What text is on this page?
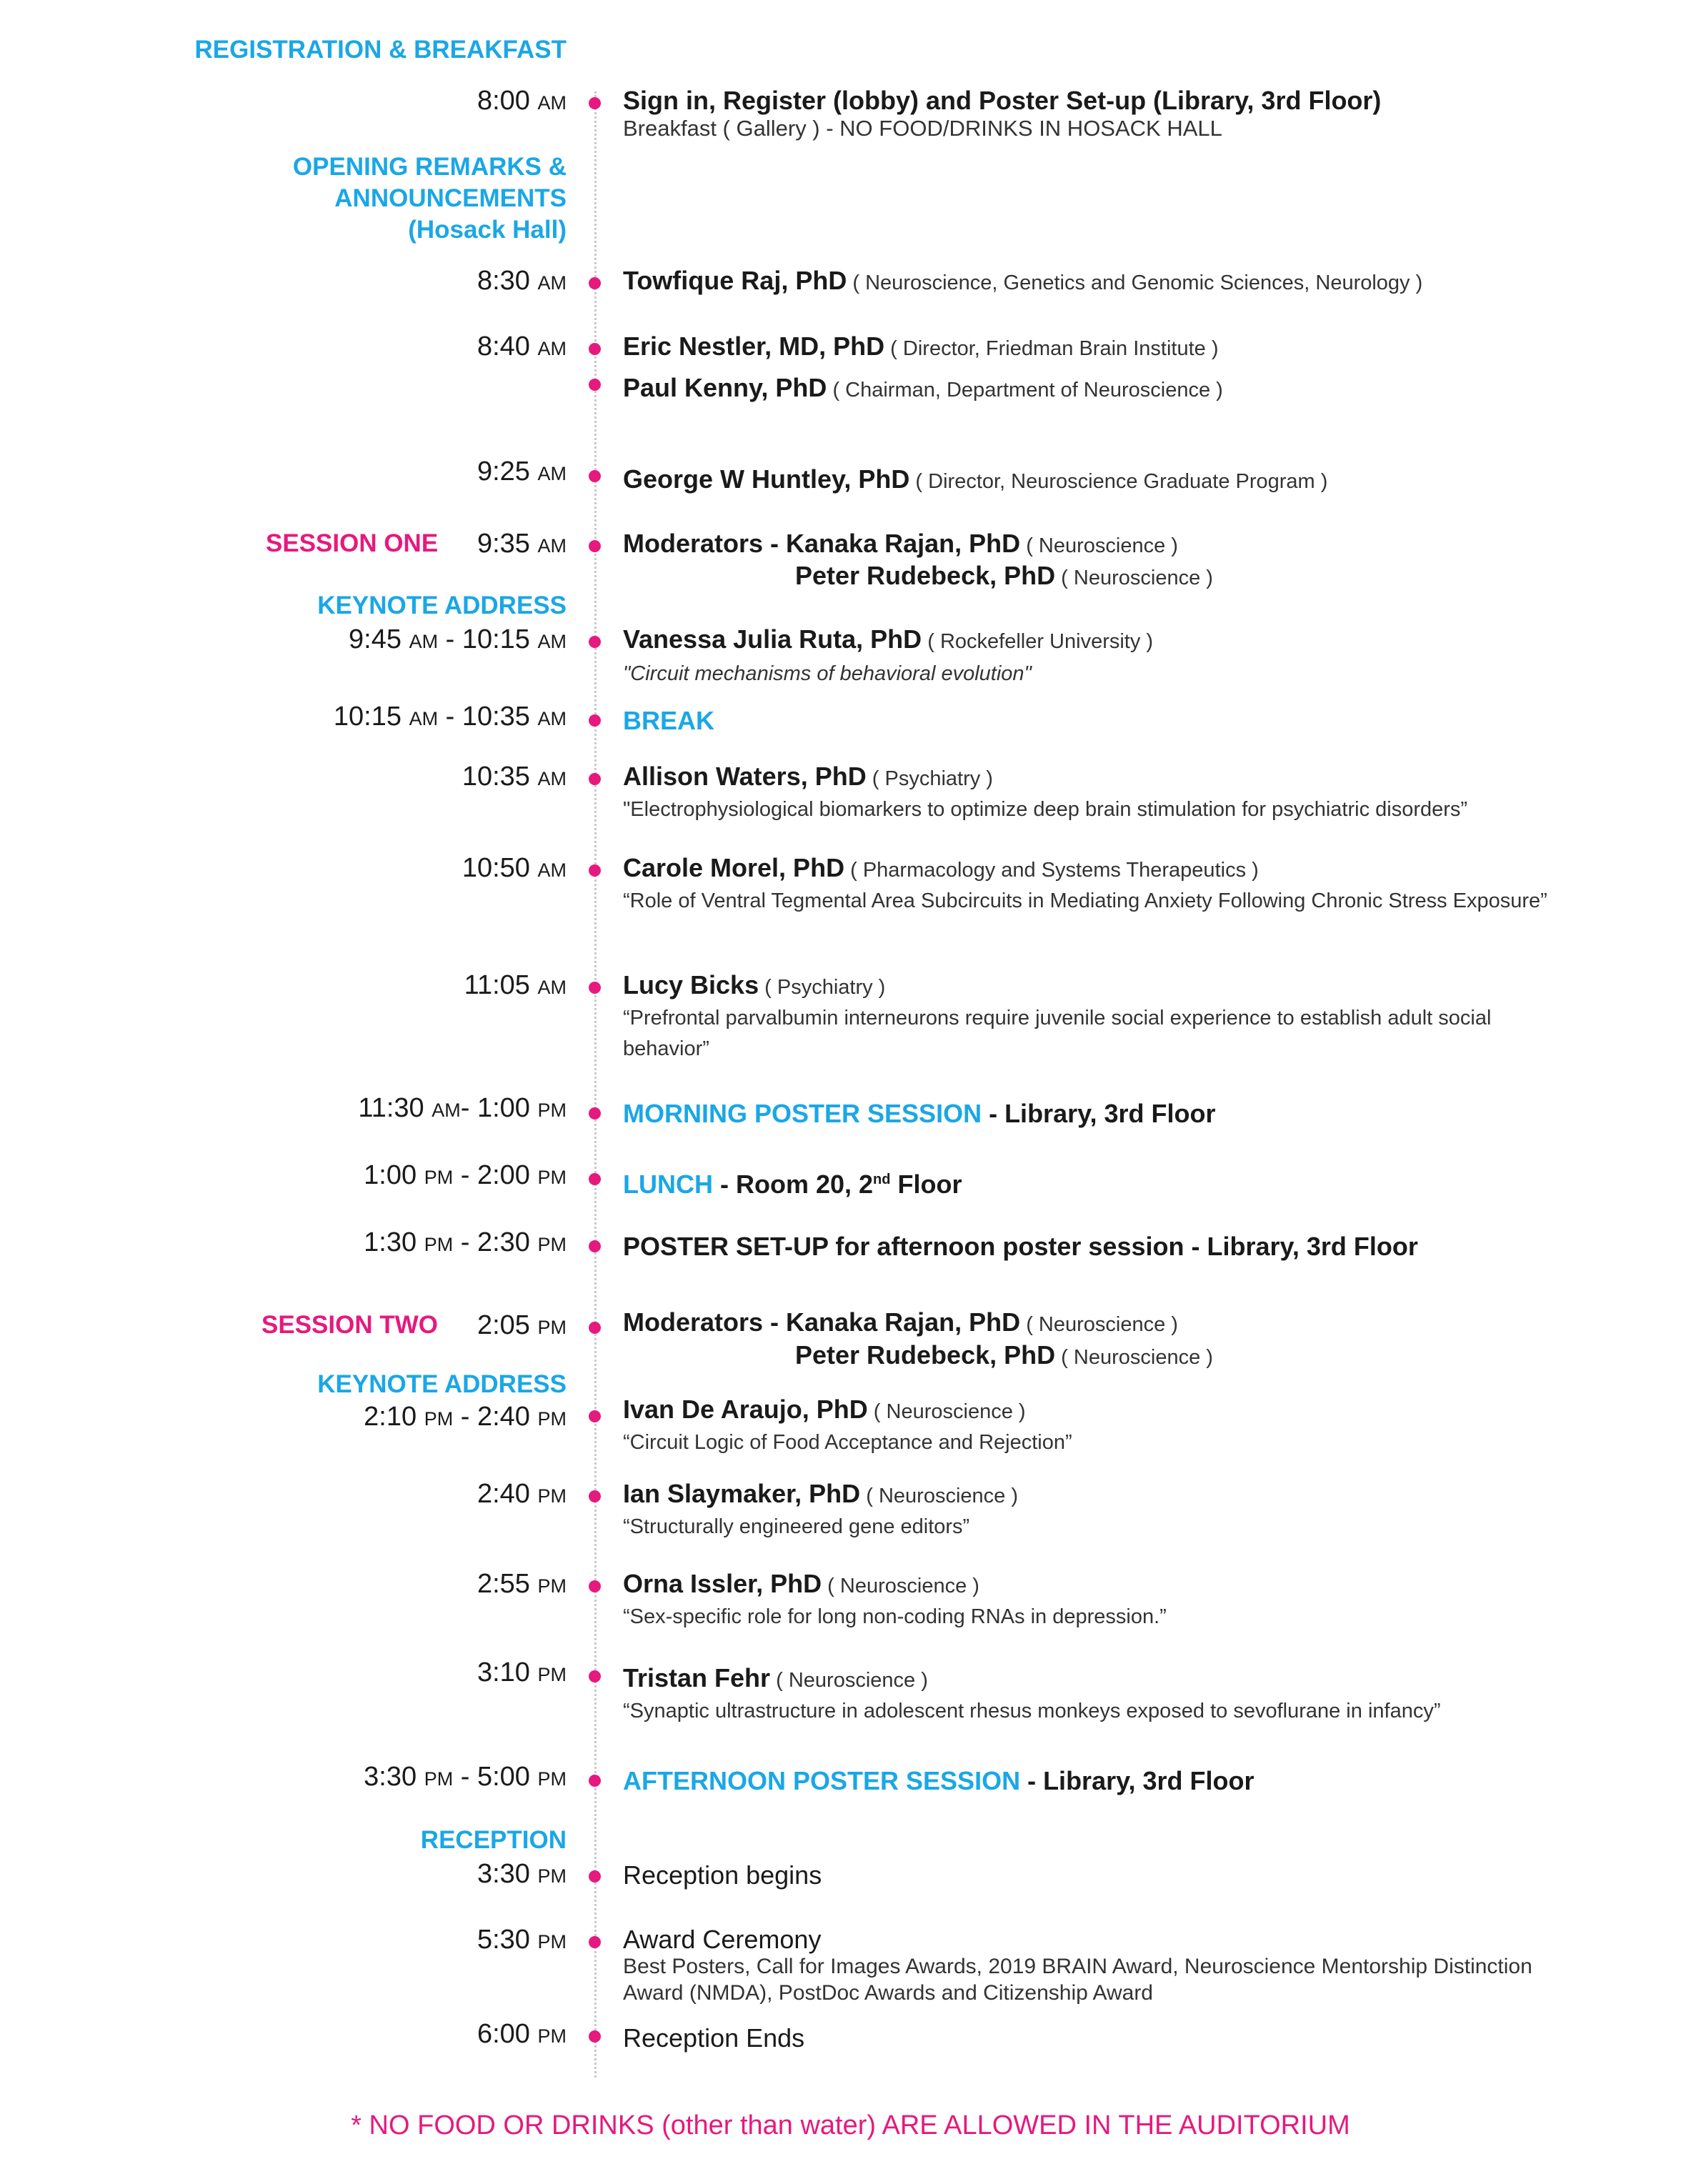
REGISTRATION & BREAKFAST
8:00 AM Sign in, Register (lobby) and Poster Set-up (Library, 3rd Floor)
Breakfast ( Gallery ) - NO FOOD/DRINKS IN HOSACK HALL
OPENING REMARKS &
ANNOUNCEMENTS
(Hosack Hall)
8:30 AM Towfique Raj, PhD ( Neuroscience, Genetics and Genomic Sciences, Neurology )
8:40 AM Eric Nestler, MD, PhD ( Director, Friedman Brain Institute )
Paul Kenny, PhD ( Chairman, Department of Neuroscience )
9:25 AM George W Huntley, PhD ( Director, Neuroscience Graduate Program )
SESSION ONE 9:35 AM Moderators - Kanaka Rajan, PhD ( Neuroscience )
Peter Rudebeck, PhD ( Neuroscience )
KEYNOTE ADDRESS
9:45 AM - 10:15 AM Vanessa Julia Ruta, PhD ( Rockefeller University )
"Circuit mechanisms of behavioral evolution"
10:15 AM - 10:35 AM BREAK
10:35 AM Allison Waters, PhD ( Psychiatry )
"Electrophysiological biomarkers to optimize deep brain stimulation for psychiatric disorders”
10:50 AM Carole Morel, PhD ( Pharmacology and Systems Therapeutics )
“Role of Ventral Tegmental Area Subcircuits in Mediating Anxiety Following Chronic Stress Exposure”
11:05 AM Lucy Bicks ( Psychiatry )
“Prefrontal parvalbumin interneurons require juvenile social experience to establish adult social behavior”
11:30 AM- 1:00 PM MORNING POSTER SESSION - Library, 3rd Floor
1:00 PM - 2:00 PM LUNCH - Room 20, 2nd Floor
1:30 PM - 2:30 PM POSTER SET-UP for afternoon poster session - Library, 3rd Floor
SESSION TWO 2:05 PM Moderators - Kanaka Rajan, PhD ( Neuroscience )
Peter Rudebeck, PhD ( Neuroscience )
KEYNOTE ADDRESS
2:10 PM - 2:40 PM Ivan De Araujo, PhD ( Neuroscience )
“Circuit Logic of Food Acceptance and Rejection”
2:40 PM Ian Slaymaker, PhD ( Neuroscience )
“Structurally engineered gene editors”
2:55 PM Orna Issler, PhD ( Neuroscience )
“Sex-specific role for long non-coding RNAs in depression.”
3:10 PM Tristan Fehr ( Neuroscience )
“Synaptic ultrastructure in adolescent rhesus monkeys exposed to sevoflurane in infancy”
3:30 PM - 5:00 PM AFTERNOON POSTER SESSION - Library, 3rd Floor
RECEPTION
3:30 PM Reception begins
5:30 PM Award Ceremony
Best Posters, Call for Images Awards, 2019 BRAIN Award, Neuroscience Mentorship Distinction Award (NMDA), PostDoc Awards and Citizenship Award
6:00 PM Reception Ends
* NO FOOD OR DRINKS (other than water) ARE ALLOWED IN THE AUDITORIUM
